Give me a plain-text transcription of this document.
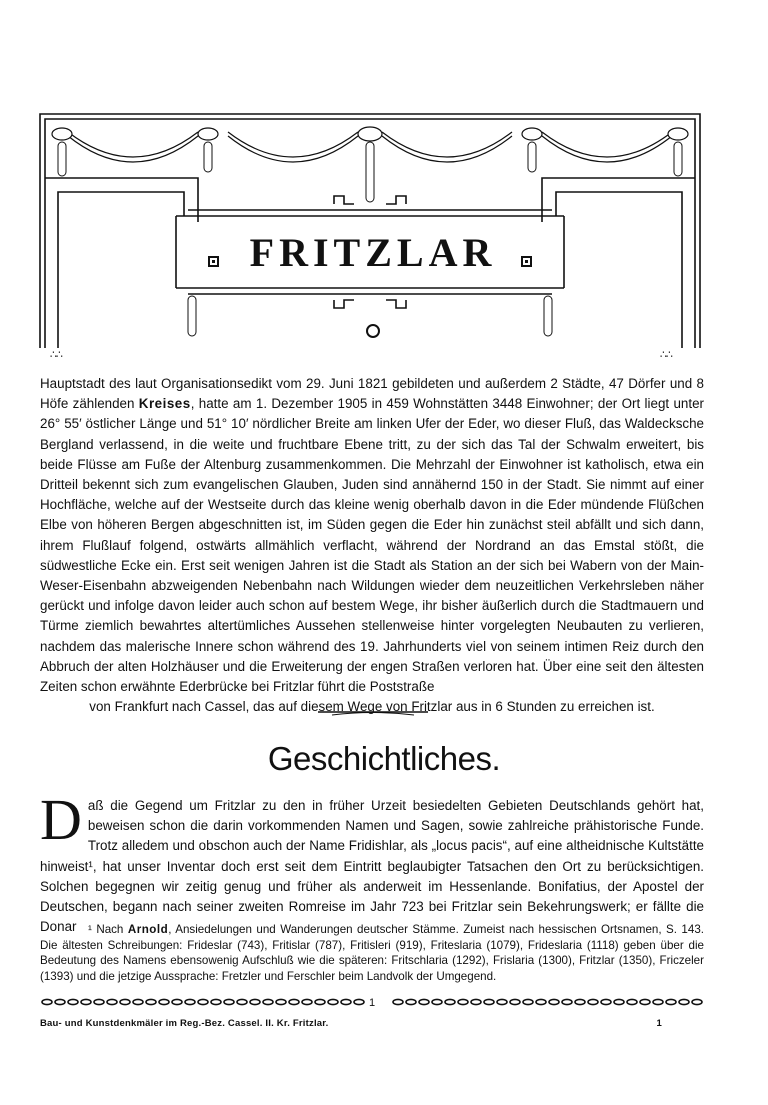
FRITZLAR
∴∴	∴∴

Hauptstadt des laut Organisationsedikt vom 29. Juni 1821 gebildeten und außerdem 2 Städte, 47 Dörfer und 8 Höfe zählenden Kreises, hatte am 1. Dezember 1905 in 459 Wohnstätten 3448 Einwohner; der Ort liegt unter 26° 55′ östlicher Länge und 51° 10′ nördlicher Breite am linken Ufer der Eder, wo dieser Fluß, das Waldecksche Bergland verlassend, in die weite und fruchtbare Ebene tritt, zu der sich das Tal der Schwalm erweitert, bis beide Flüsse am Fuße der Altenburg zusammenkommen. Die Mehrzahl der Einwohner ist katholisch, etwa ein Dritteil bekennt sich zum evangelischen Glauben, Juden sind annähernd 150 in der Stadt. Sie nimmt auf einer Hochfläche, welche auf der Westseite durch das kleine wenig oberhalb davon in die Eder mündende Flüßchen Elbe von höheren Bergen abgeschnitten ist, im Süden gegen die Eder hin zunächst steil abfällt und sich dann, ihrem Flußlauf folgend, ostwärts allmählich verflacht, während der Nordrand an das Emstal stößt, die südwestliche Ecke ein. Erst seit wenigen Jahren ist die Stadt als Station an der sich bei Wabern von der Main-Weser-Eisenbahn abzweigenden Nebenbahn nach Wildungen wieder dem neuzeitlichen Verkehrsleben näher gerückt und infolge davon leider auch schon auf bestem Wege, ihr bisher äußerlich durch die Stadtmauern und Türme ziemlich bewahrtes altertümliches Aussehen stellenweise hinter vorgelegten Neubauten zu verlieren, nachdem das malerische Innere schon während des 19. Jahrhunderts viel von seinem intimen Reiz durch den Abbruch der alten Holzhäuser und die Erweiterung der engen Straßen verloren hat. Über eine seit den ältesten Zeiten schon erwähnte Ederbrücke bei Fritzlar führt die Poststraße

von Frankfurt nach Cassel, das auf diesem Wege von Fritzlar aus in 6 Stunden zu erreichen ist.

Geschichtliches.

Daß die Gegend um Fritzlar zu den in früher Urzeit besiedelten Gebieten Deutschlands gehört hat, beweisen schon die darin vorkommenden Namen und Sagen, sowie zahlreiche prähistorische Funde. Trotz alledem und obschon auch der Name Fridishlar, als „locus pacis“, auf eine altheidnische Kultstätte hinweist¹, hat unser Inventar doch erst seit dem Eintritt beglaubigter Tatsachen den Ort zu berücksichtigen. Solchen begegnen wir zeitig genug und früher als anderweit im Hessenlande. Bonifatius, der Apostel der Deutschen, begann nach seiner zweiten Romreise im Jahr 723 bei Fritzlar sein Bekehrungswerk; er fällte die Donar ¹ Nach Arnold, Ansiedelungen und Wanderungen deutscher Stämme. Zumeist nach hessischen Ortsnamen, S. 143. Die ältesten Schreibungen: Frideslar (743), Fritislar (787), Fritisleri (919), Friteslaria (1079), Frideslaria (1118) geben über die Bedeutung des Namens ebensowenig Aufschluß wie die späteren: Fritschlaria (1292), Frislaria (1300), Fritzlar (1350), Friczeler (1393) und die jetzige Aussprache: Fretzler und Ferschler beim Landvolk der Umgegend.

1
Bau- und Kunstdenkmäler im Reg.-Bez. Cassel. II. Kr. Fritzlar.	1
